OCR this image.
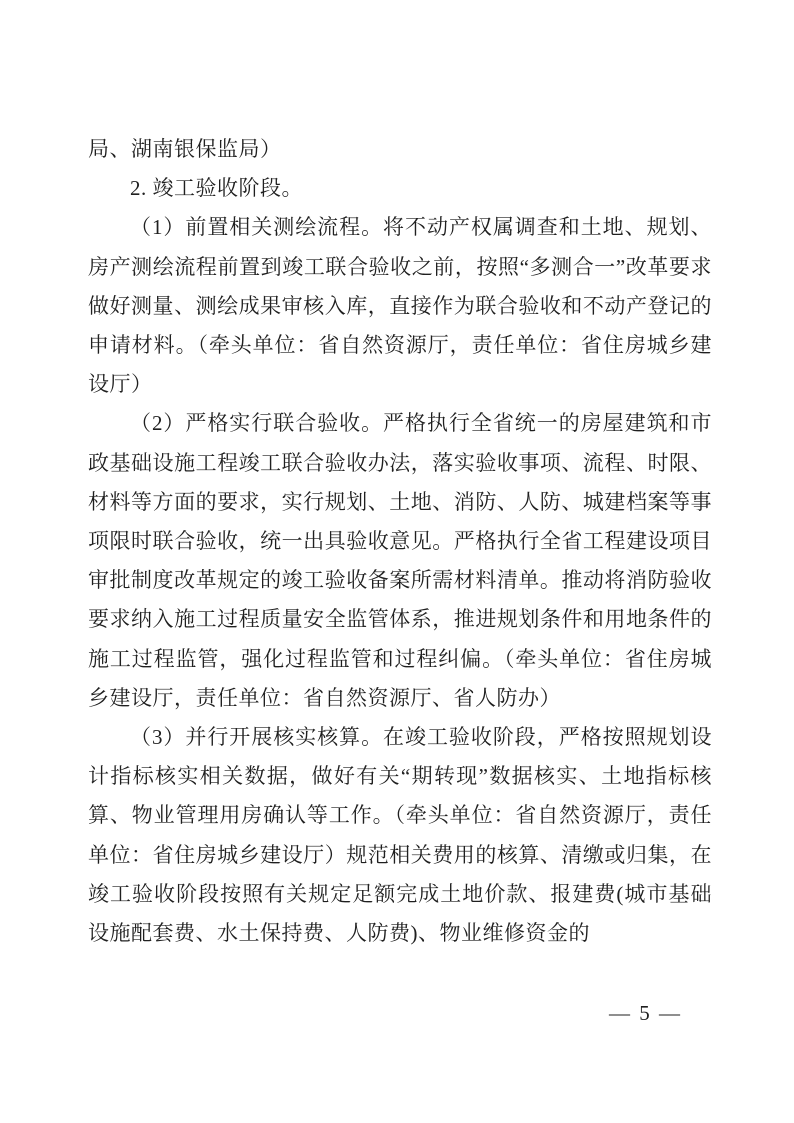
局、湖南银保监局）

2. 竣工验收阶段。

（1）前置相关测绘流程。将不动产权属调查和土地、规划、房产测绘流程前置到竣工联合验收之前，按照“多测合一”改革要求做好测量、测绘成果审核入库，直接作为联合验收和不动产登记的申请材料。（牵头单位：省自然资源厅，责任单位：省住房城乡建设厅）

（2）严格实行联合验收。严格执行全省统一的房屋建筑和市政基础设施工程竣工联合验收办法，落实验收事项、流程、时限、材料等方面的要求，实行规划、土地、消防、人防、城建档案等事项限时联合验收，统一出具验收意见。严格执行全省工程建设项目审批制度改革规定的竣工验收备案所需材料清单。推动将消防验收要求纳入施工过程质量安全监管体系，推进规划条件和用地条件的施工过程监管，强化过程监管和过程纠偏。（牵头单位：省住房城乡建设厅，责任单位：省自然资源厅、省人防办）

（3）并行开展核实核算。在竣工验收阶段，严格按照规划设计指标核实相关数据，做好有关“期转现”数据核实、土地指标核算、物业管理用房确认等工作。（牵头单位：省自然资源厅，责任单位：省住房城乡建设厅）规范相关费用的核算、清缴或归集，在竣工验收阶段按照有关规定足额完成土地价款、报建费(城市基础设施配套费、水土保持费、人防费)、物业维修资金的

— 5 —
